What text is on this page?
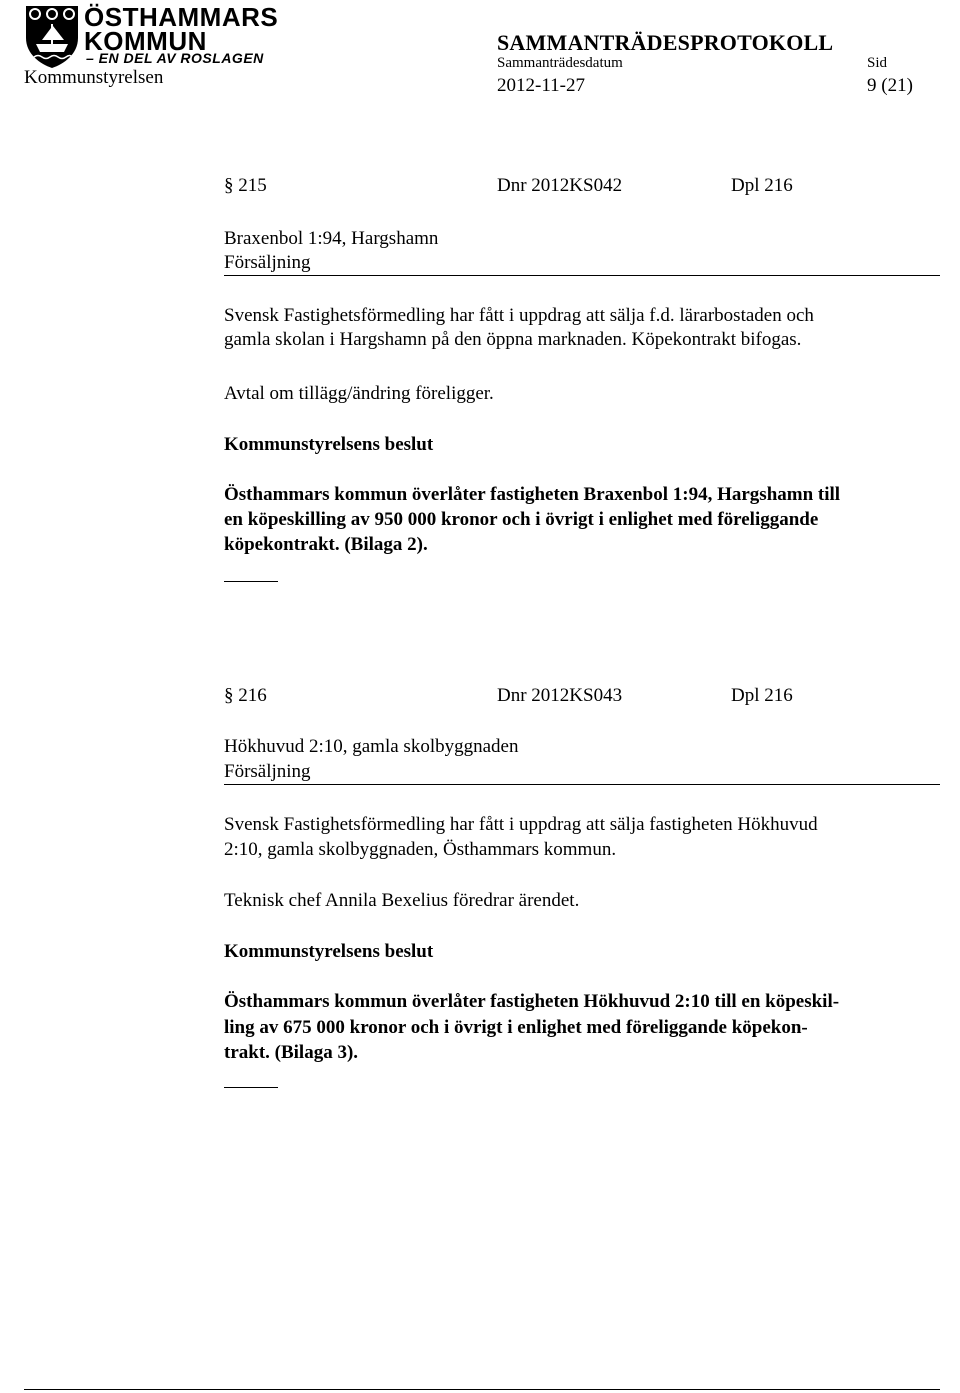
ÖSTHAMMARS
KOMMUN
– EN DEL AV ROSLAGEN
Kommunstyrelsen
SAMMANTRÄDESPROTOKOLL
Sammanträdesdatum
2012-11-27
Sid
9 (21)
§ 215	Dnr 2012KS042	Dpl 216
Braxenbol 1:94, Hargshamn
Försäljning
Svensk Fastighetsförmedling har fått i uppdrag att sälja f.d. lärarbostaden och
gamla skolan i Hargshamn på den öppna marknaden. Köpekontrakt bifogas.
Avtal om tillägg/ändring föreligger.
Kommunstyrelsens beslut
Östhammars kommun överlåter fastigheten Braxenbol 1:94, Hargshamn till
en köpeskilling av 950 000 kronor och i övrigt i enlighet med föreliggande
köpekontrakt. (Bilaga 2).
§ 216	Dnr 2012KS043	Dpl 216
Hökhuvud 2:10, gamla skolbyggnaden
Försäljning
Svensk Fastighetsförmedling har fått i uppdrag att sälja fastigheten Hökhuvud
2:10, gamla skolbyggnaden, Östhammars kommun.
Teknisk chef Annila Bexelius föredrar ärendet.
Kommunstyrelsens beslut
Östhammars kommun överlåter fastigheten Hökhuvud 2:10 till en köpeskil-
ling av 675 000 kronor och i övrigt i enlighet med föreliggande köpekon-
trakt. (Bilaga 3).
